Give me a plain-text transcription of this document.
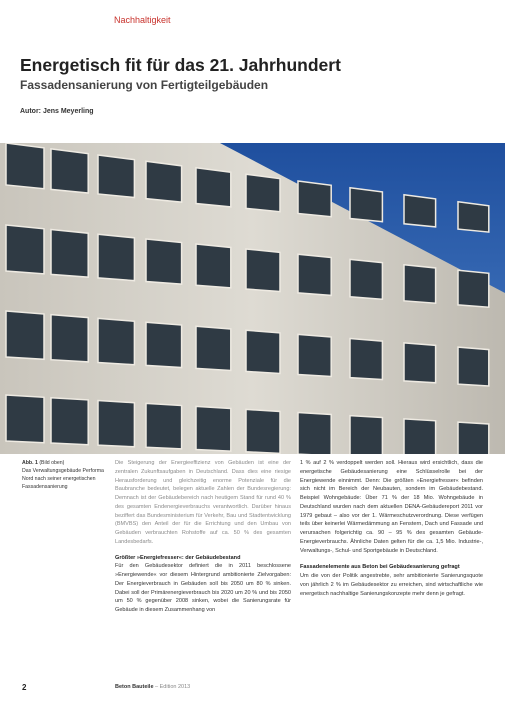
Nachhaltigkeit
Energetisch fit für das 21. Jahrhundert
Fassadensanierung von Fertigteilgebäuden
Autor: Jens Meyerling
Abb. 1 (Bild oben)
Das Verwaltungsgebäude Performa Nord nach seiner energetischen Fassadensanierung

Die Steigerung der Energieeffizienz von Gebäuden ist eine der zentralen Zukunftsaufgaben in Deutschland. Dass dies eine riesige Herausforderung und gleichzeitig enorme Potenziale für die Baubranche bedeutet, belegen aktuelle Zahlen der Bundesregierung: Demnach ist der Gebäudebereich nach heutigem Stand für rund 40 % des gesamten Endenergieverbrauchs verantwortlich. Darüber hinaus beziffert das Bundesministerium für Verkehr, Bau und Stadtentwicklung (BMVBS) den Anteil der für die Errichtung und den Umbau von Gebäuden verbrauchten Rohstoffe auf ca. 50 % des gesamten Landesbedarfs.

Größter »Energiefresser«: der Gebäudebestand

Für den Gebäudesektor definiert die in 2011 beschlossene »Energiewende« vor diesem Hintergrund ambitionierte Zielvorgaben: Der Energieverbrauch in Gebäuden soll bis 2050 um 80 % sinken. Dabei soll der Primärenergieverbrauch bis 2020 um 20 % und bis 2050 um 50 % gegenüber 2008 sinken, wobei die Sanierungsrate für Gebäude in diesem Zusammenhang von

1 % auf 2 % verdoppelt werden soll. Hieraus wird ersichtlich, dass die energetische Gebäudesanierung eine Schlüsselrolle bei der Energiewende einnimmt. Denn: Die größten »Energiefresser« befinden sich nicht im Bereich der Neubauten, sondern im Gebäudebestand. Beispiel Wohngebäude: Über 71 % der 18 Mio. Wohngebäude in Deutschland wurden nach dem aktuellen DENA-Gebäudereport 2011 vor 1979 gebaut – also vor der 1. Wärmeschutzverordnung. Diese verfügen teils über keinerlei Wärmedämmung an Fenstern, Dach und Fassade und verursachen folgerichtig ca. 90 – 95 % des gesamten Gebäude-Energieverbrauchs. Ähnliche Daten gelten für die ca. 1,5 Mio. Industrie-, Verwaltungs-, Schul- und Sportgebäude in Deutschland.

Fassadenelemente aus Beton bei Gebäudesanierung gefragt

Um die von der Politik angestrebte, sehr ambitionierte Sanierungsquote von jährlich 2 % im Gebäudesektor zu erreichen, sind wirtschaftliche wie energetisch nachhaltige Sanierungskonzepte mehr denn je gefragt.

2	Beton Bauteile – Edition 2013
